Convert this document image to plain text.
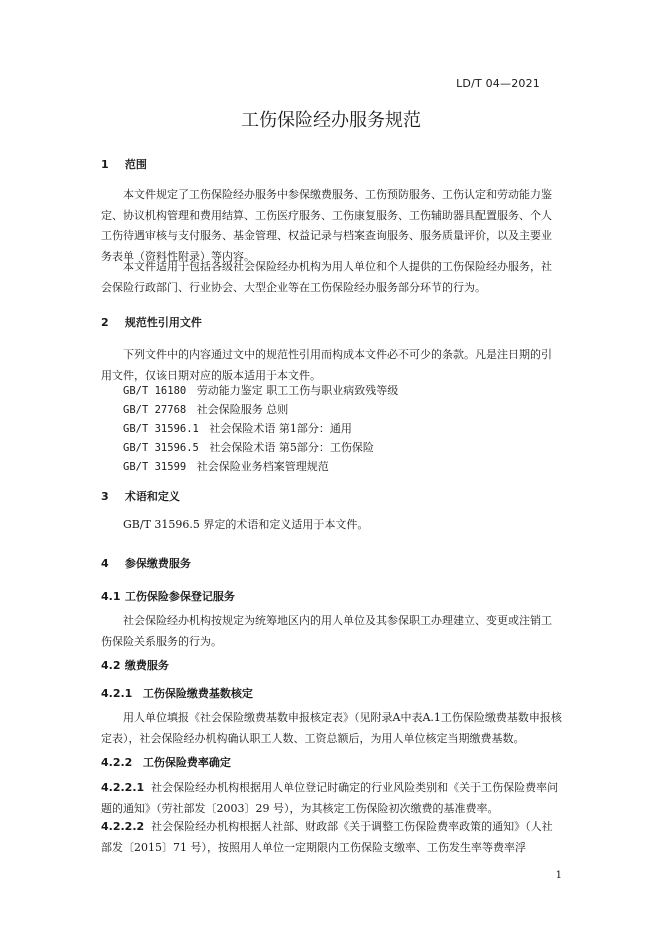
LD/T 04—2021
工伤保险经办服务规范
1 范围

本文件规定了工伤保险经办服务中参保缴费服务、工伤预防服务、工伤认定和劳动能力鉴定、协议机构管理和费用结算、工伤医疗服务、工伤康复服务、工伤辅助器具配置服务、个人工伤待遇审核与支付服务、基金管理、权益记录与档案查询服务、服务质量评价，以及主要业务表单（资料性附录）等内容。

本文件适用于包括各级社会保险经办机构为用人单位和个人提供的工伤保险经办服务，社会保险行政部门、行业协会、大型企业等在工伤保险经办服务部分环节的行为。

2 规范性引用文件

下列文件中的内容通过文中的规范性引用而构成本文件必不可少的条款。凡是注日期的引用文件，仅该日期对应的版本适用于本文件。

GB/T 16180 劳动能力鉴定 职工工伤与职业病致残等级
GB/T 27768 社会保险服务 总则
GB/T 31596.1 社会保险术语 第1部分：通用
GB/T 31596.5 社会保险术语 第5部分：工伤保险
GB/T 31599 社会保险业务档案管理规范
3 术语和定义

GB/T 31596.5 界定的术语和定义适用于本文件。

4 参保缴费服务
4.1 工伤保险参保登记服务

社会保险经办机构按规定为统筹地区内的用人单位及其参保职工办理建立、变更或注销工伤保险关系服务的行为。

4.2 缴费服务
4.2.1 工伤保险缴费基数核定

用人单位填报《社会保险缴费基数申报核定表》（见附录A中表A.1工伤保险缴费基数申报核定表），社会保险经办机构确认职工人数、工资总额后，为用人单位核定当期缴费基数。

4.2.2 工伤保险费率确定

4.2.2.1 社会保险经办机构根据用人单位登记时确定的行业风险类别和《关于工伤保险费率问题的通知》（劳社部发〔2003〕29 号），为其核定工伤保险初次缴费的基准费率。

4.2.2.2 社会保险经办机构根据人社部、财政部《关于调整工伤保险费率政策的通知》（人社部发〔2015〕71 号），按照用人单位一定期限内工伤保险支缴率、工伤发生率等费率浮

1
